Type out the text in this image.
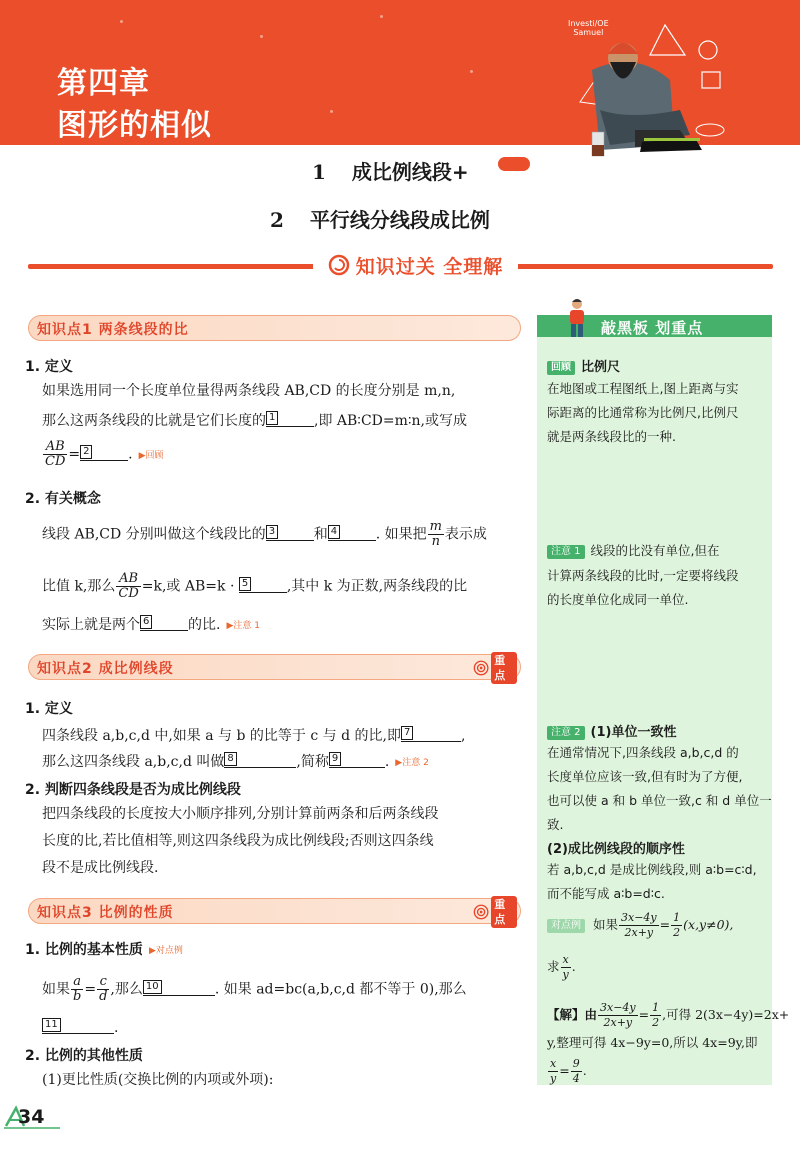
第四章
图形的相似
Investi/OE
Samuel
1 成比例线段+
2 平行线分线段成比例
知识过关 全理解
知识点1 两条线段的比
1. 定义
如果选用同一个长度单位量得两条线段 AB,CD 的长度分别是 m,n,
那么这两条线段的比就是它们长度的 1	,即 AB∶CD=m∶n,或写成
$\frac{AB}{CD} = 2$	. ▶回顾
2. 有关概念
线段 AB,CD 分别叫做这个线段比的 3	和 4	. 如果把 $\frac{m}{n}$ 表示成
比值 k,那么 $\frac{AB}{CD} =k$,或 AB=k · 5	,其中 k 为正数,两条线段的比
实际上就是两个 6	的比. ▶注意 1
知识点2 成比例线段
重点
1. 定义
四条线段 a,b,c,d 中,如果 a 与 b 的比等于 c 与 d 的比,即 7	,
那么这四条线段 a,b,c,d 叫做 8	,简称 9	. ▶注意 2
2. 判断四条线段是否为成比例线段
把四条线段的长度按大小顺序排列,分别计算前两条和后两条线段
长度的比,若比值相等,则这四条线段为成比例线段;否则这四条线
段不是成比例线段.
知识点3 比例的性质
重点
1. 比例的基本性质 ▶对点例
如果 $\frac{a}{b} = \frac{c}{d}$ ,那么 10	. 如果 ad=bc(a,b,c,d 都不等于 0),那么
11	.
2. 比例的其他性质
(1)更比性质(交换比例的内项或外项):
敲黑板 划重点
回顾 比例尺
在地图或工程图纸上,图上距离与实
际距离的比通常称为比例尺,比例尺
就是两条线段比的一种.
注意 1 线段的比没有单位,但在
计算两条线段的比时,一定要将线段
的长度单位化成同一单位.
注意 2 (1)单位一致性
在通常情况下,四条线段 a,b,c,d 的
长度单位应该一致,但有时为了方便,
也可以使 a 和 b 单位一致,c 和 d 单位一
致.
(2)成比例线段的顺序性
若 a,b,c,d 是成比例线段,则 a∶b=c∶d,
而不能写成 a∶b=d∶c.
对点例 如果 $\frac{3x-4y}{2x+y} = \frac{1}{2} (x,y\ne 0)$,
求 $\frac{x}{y}$ .
【解】由 $\frac{3x-4y}{2x+y} = \frac{1}{2}$ ,可得 2(3x−4y)=2x+
y,整理可得 4x−9y=0,所以 4x=9y,即
$\frac{x}{y} = \frac{9}{4}$ .
34
